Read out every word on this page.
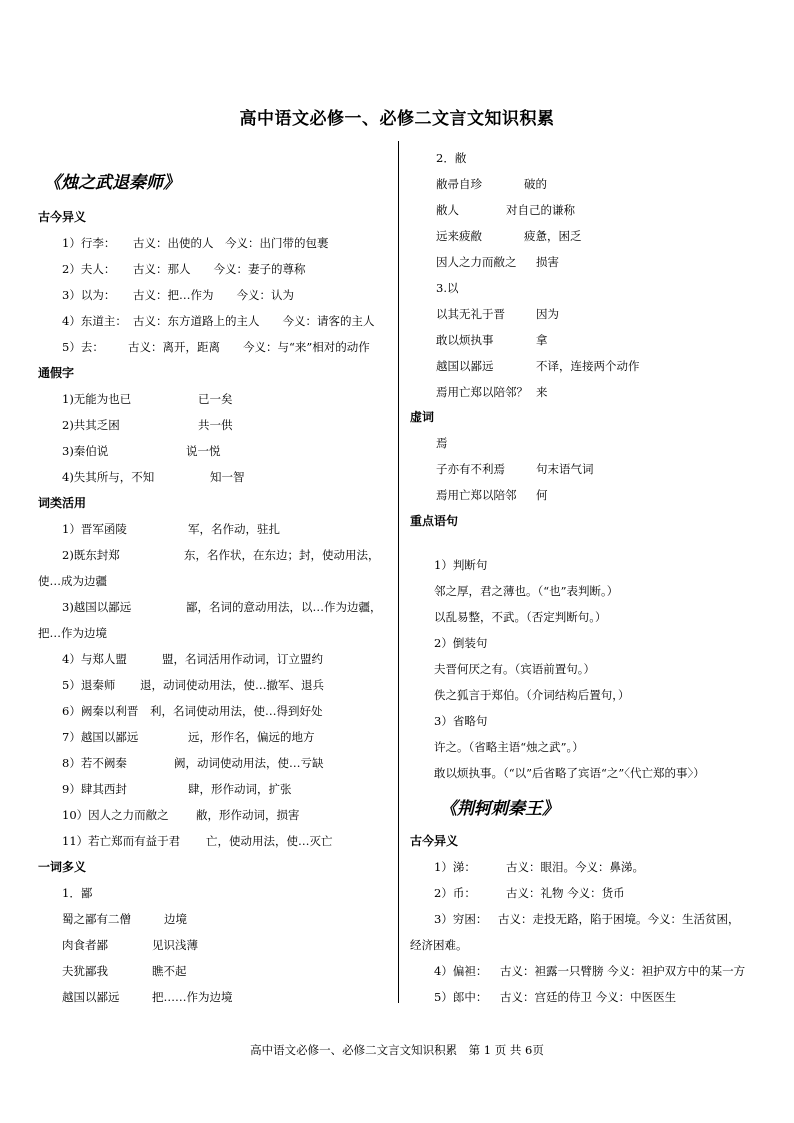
高中语文必修一、必修二文言文知识积累
《烛之武退秦师》
古今异义
1）行李： 古义：出使的人　今义：出门带的包裹
2）夫人： 古义：那人　　今义：妻子的尊称
3）以为： 古义：把…作为　　今义：认为
4）东道主： 古义：东方道路上的主人　　今义：请客的主人
5）去： 古义：离开，距离　　今义：与“来”相对的动作
通假字
1)无能为也已	已一矣
2)共其乏困	共一供
3)秦伯说	说一悦
4)失其所与，不知	知一智
词类活用
1）晋军函陵	军，名作动，驻扎
2)既东封郑	东，名作状，在东边；封，使动用法，
使…成为边疆
3)越国以鄙远	鄙，名词的意动用法，以…作为边疆，
把…作为边境
4）与郑人盟	盟，名词活用作动词，订立盟约
5）退秦师 退，动词使动用法，使…撤军、退兵
6）阙秦以利晋 利，名词使动用法，使…得到好处
7）越国以鄙远	远，形作名，偏远的地方
8）若不阙秦	阙，动词使动用法，使…亏缺
9）肆其西封	肆，形作动词，扩张
10）因人之力而敝之 敝，形作动词，损害
11）若亡郑而有益于君 亡，使动用法，使…灭亡
一词多义
1．鄙
蜀之鄙有二僧	边境
肉食者鄙	见识浅薄
夫犹鄙我	瞧不起
越国以鄙远	把……作为边境
2．敝
敝帚自珍	破的
敝人	对自己的谦称
远来疲敝	疲惫，困乏
因人之力而敝之 损害
3.以
以其无礼于晋	因为
敢以烦执事	拿
越国以鄙远	不译，连接两个动作
焉用亡郑以陪邻？ 来
虚词
焉
子亦有不利焉	句末语气词
焉用亡郑以陪邻 何
重点语句
1）判断句
邻之厚，君之薄也。（“也”表判断。）
以乱易整，不武。（否定判断句。）
2）倒装句
夫晋何厌之有。（宾语前置句。）
佚之狐言于郑伯。（介词结构后置句，）
3）省略句
许之。（省略主语“烛之武”。）
敢以烦执事。（“以”后省略了宾语“之”〈代亡郑的事〉）
《荆轲刺秦王》
古今异义
1）涕：	古义：眼泪。今义：鼻涕。
2）币：	古义：礼物 今义：货币
3）穷困： 古义：走投无路，陷于困境。今义：生活贫困，
经济困难。
4）偏袒： 古义：袒露一只臂膀 今义：袒护双方中的某一方
5）郎中： 古义：宫廷的侍卫 今义：中医医生
高中语文必修一、必修二文言文知识积累　第 1 页 共 6页
